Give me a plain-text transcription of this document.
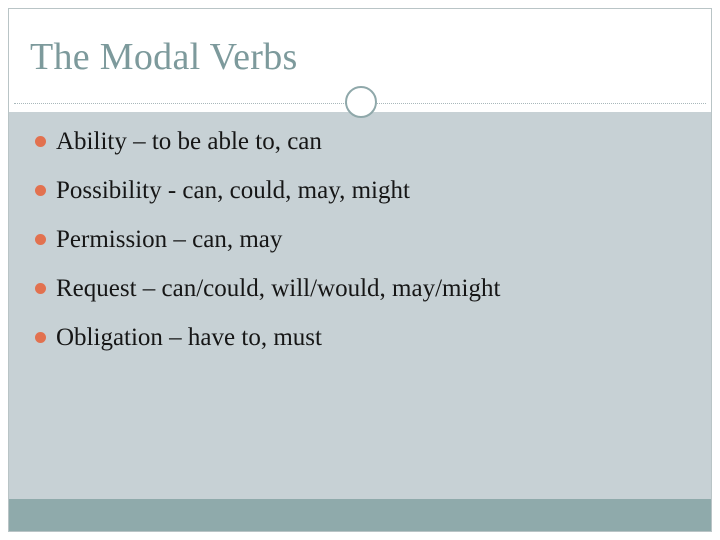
The Modal Verbs
Ability – to be able to, can
Possibility - can, could, may, might
Permission – can, may
Request – can/could, will/would, may/might
Obligation – have to, must
